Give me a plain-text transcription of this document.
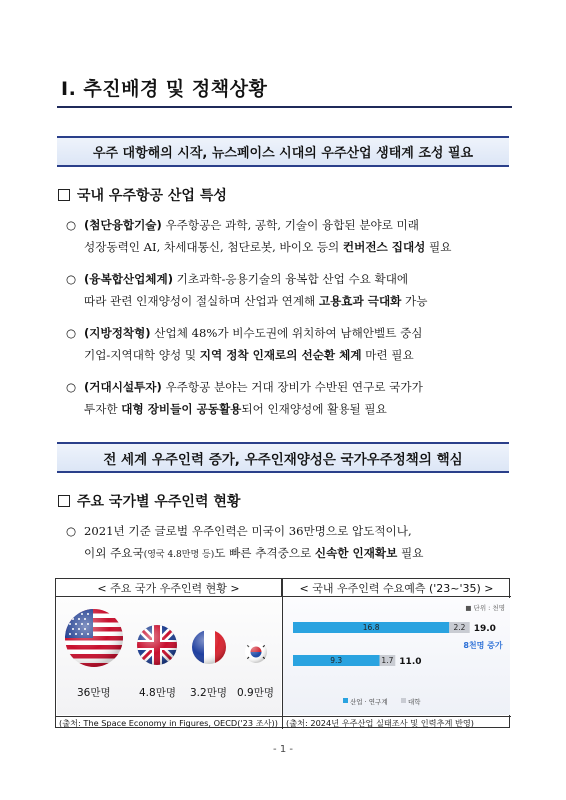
Ⅰ. 추진배경 및 정책상황
우주 대항해의 시작, 뉴스페이스 시대의 우주산업 생태계 조성 필요
국내 우주항공 산업 특성
○ (첨단융합기술) 우주항공은 과학, 공학, 기술이 융합된 분야로 미래
성장동력인 AI, 차세대통신, 첨단로봇, 바이오 등의 컨버전스 집대성 필요
○ (융복합산업체계) 기초과학-응용기술의 융복합 산업 수요 확대에
따라 관련 인재양성이 절실하며 산업과 연계해 고용효과 극대화 가능
○ (지방정착형) 산업체 48%가 비수도권에 위치하여 남해안벨트 중심
기업-지역대학 양성 및 지역 정착 인재로의 선순환 체계 마련 필요
○ (거대시설투자) 우주항공 분야는 거대 장비가 수반된 연구로 국가가
투자한 대형 장비들이 공동활용되어 인재양성에 활용될 필요
전 세계 우주인력 증가, 우주인재양성은 국가우주정책의 핵심
주요 국가별 우주인력 현황
○ 2021년 기준 글로벌 우주인력은 미국이 36만명으로 압도적이나,
이외 주요국(영국 4.8만명 등)도 빠른 추격중으로 신속한 인재확보 필요
< 주요 국가 우주인력 현황 >	< 국내 우주인력 수요예측 ('23~'35) >
36만명	4.8만명 3.2만명 0.9만명
■ 단위 : 천명
16.8	2.2 19.0
9.3	1.7 11.0
8천명 증가
산업 · 연구계	대학
(출처: The Space Economy in Figures, OECD('23 조사)) (출처: 2024년 우주산업 실태조사 및 인력추계 반영)
- 1 -
